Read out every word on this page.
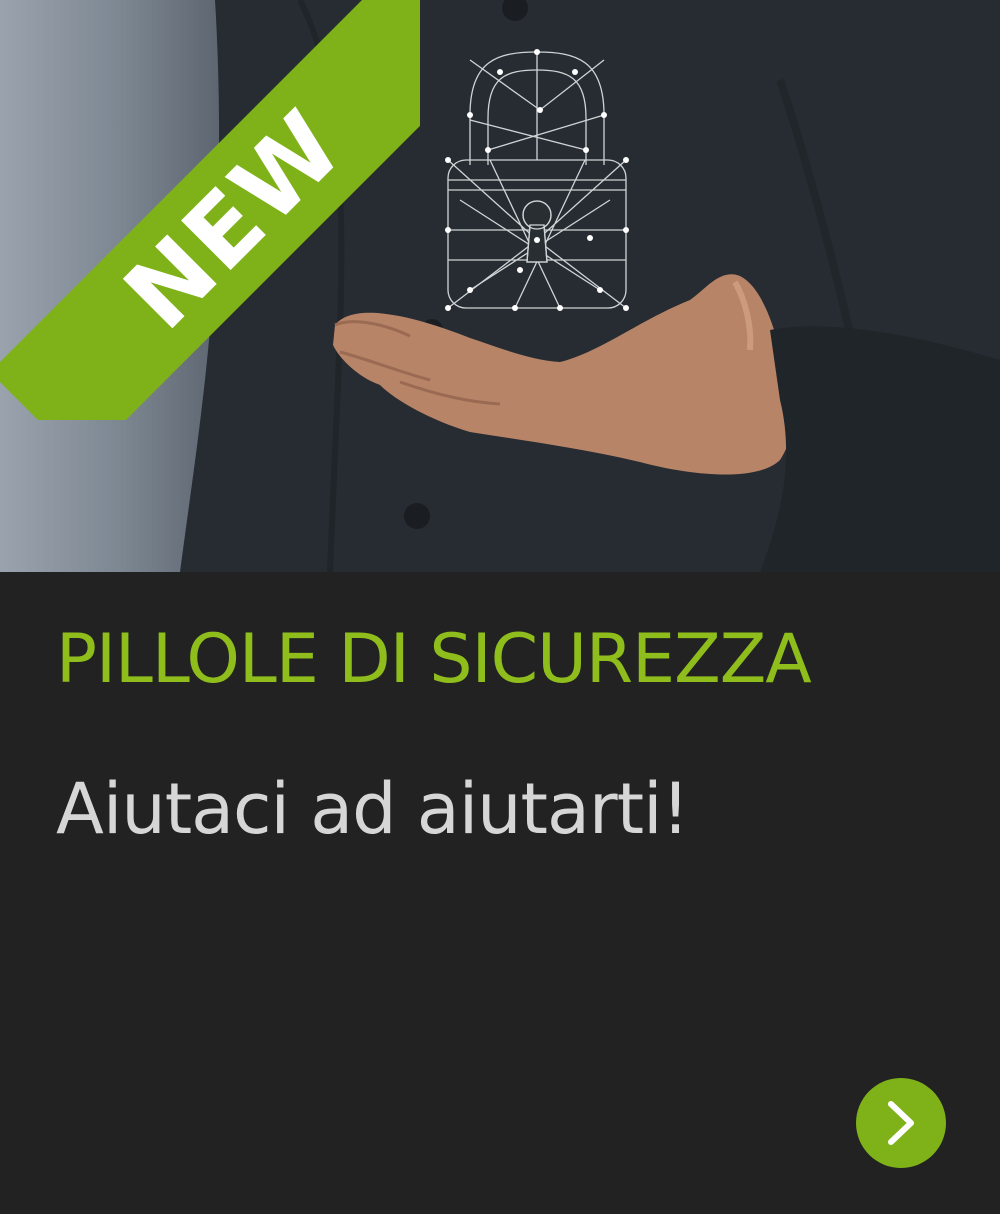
NEW
PILLOLE DI SICUREZZA
Aiutaci ad aiutarti!
